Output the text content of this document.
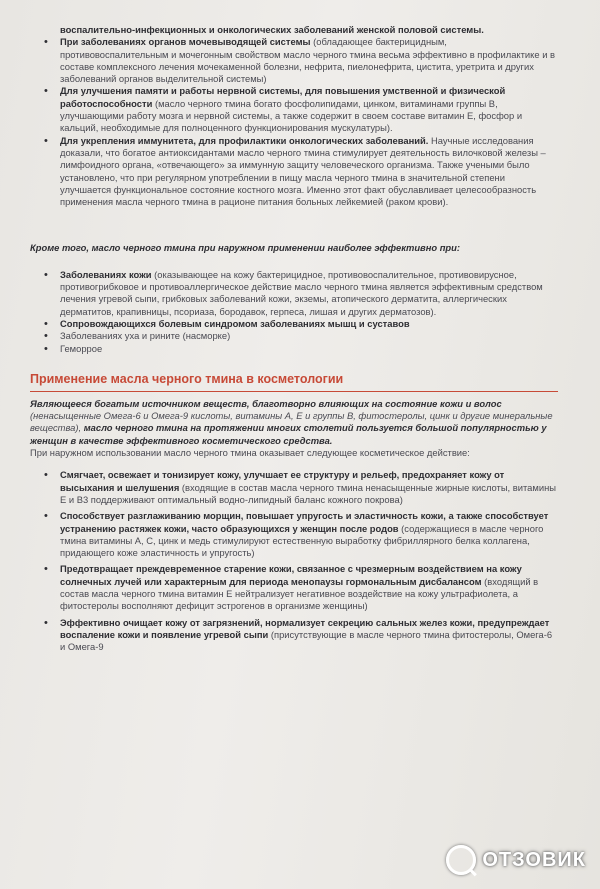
воспалительно-инфекционных и онкологических заболеваний женской половой системы.
• При заболеваниях органов мочевыводящей системы (обладающее бактерицидным, противовоспалительным и мочегонным свойством масло черного тмина весьма эффективно в профилактике и в составе комплексного лечения мочекаменной болезни, нефрита, пиелонефрита, цистита, уретрита и других заболеваний органов выделительной системы)
• Для улучшения памяти и работы нервной системы, для повышения умственной и физической работоспособности (масло черного тмина богато фосфолипидами, цинком, витаминами группы В, улучшающими работу мозга и нервной системы, а также содержит в своем составе витамин Е, фосфор и кальций, необходимые для полноценного функционирования мускулатуры).
• Для укрепления иммунитета, для профилактики онкологических заболеваний. Научные исследования доказали, что богатое антиоксидантами масло черного тмина стимулирует деятельность вилочковой железы – лимфоидного органа, «отвечающего» за иммунную защиту человеческого организма. Также учеными было установлено, что при регулярном употреблении в пищу масла черного тмина в значительной степени улучшается функциональное состояние костного мозга. Именно этот факт обуславливает целесообразность применения масла черного тмина в рационе питания больных лейкемией (раком крови).
Кроме того, масло черного тмина при наружном применении наиболее эффективно при:
• Заболеваниях кожи (оказывающее на кожу бактерицидное, противовоспалительное, противовирусное, противогрибковое и противоаллергическое действие масло черного тмина является эффективным средством лечения угревой сыпи, грибковых заболеваний кожи, экземы, атопического дерматита, аллергических дерматитов, крапивницы, псориаза, бородавок, герпеса, лишая и других дерматозов).
• Сопровождающихся болевым синдромом заболеваниях мышц и суставов
• Заболеваниях уха и рините (насморке)
• Геморрое
Применение масла черного тмина в косметологии
Являющееся богатым источником веществ, благотворно влияющих на состояние кожи и волос (ненасыщенные Омега-6 и Омега-9 кислоты, витамины А, Е и группы В, фитостеролы, цинк и другие минеральные вещества), масло черного тмина на протяжении многих столетий пользуется большой популярностью у женщин в качестве эффективного косметического средства.
При наружном использовании масло черного тмина оказывает следующее косметическое действие:
• Смягчает, освежает и тонизирует кожу, улучшает ее структуру и рельеф, предохраняет кожу от высыхания и шелушения (входящие в состав масла черного тмина ненасыщенные жирные кислоты, витамины Е и В3 поддерживают оптимальный водно-липидный баланс кожного покрова)
• Способствует разглаживанию морщин, повышает упругость и эластичность кожи, а также способствует устранению растяжек кожи, часто образующихся у женщин после родов (содержащиеся в масле черного тмина витамины А, С, цинк и медь стимулируют естественную выработку фибриллярного белка коллагена, придающего коже эластичность и упругость)
• Предотвращает преждевременное старение кожи, связанное с чрезмерным воздействием на кожу солнечных лучей или характерным для периода менопаузы гормональным дисбалансом (входящий в состав масла черного тмина витамин Е нейтрализует негативное воздействие на кожу ультрафиолета, а фитостеролы восполняют дефицит эстрогенов в организме женщины)
• Эффективно очищает кожу от загрязнений, нормализует секрецию сальных желез кожи, предупреждает воспаление кожи и появление угревой сыпи (присутствующие в масле черного тмина фитостеролы, Омега-6 и Омега-9
ОТЗОВИК
